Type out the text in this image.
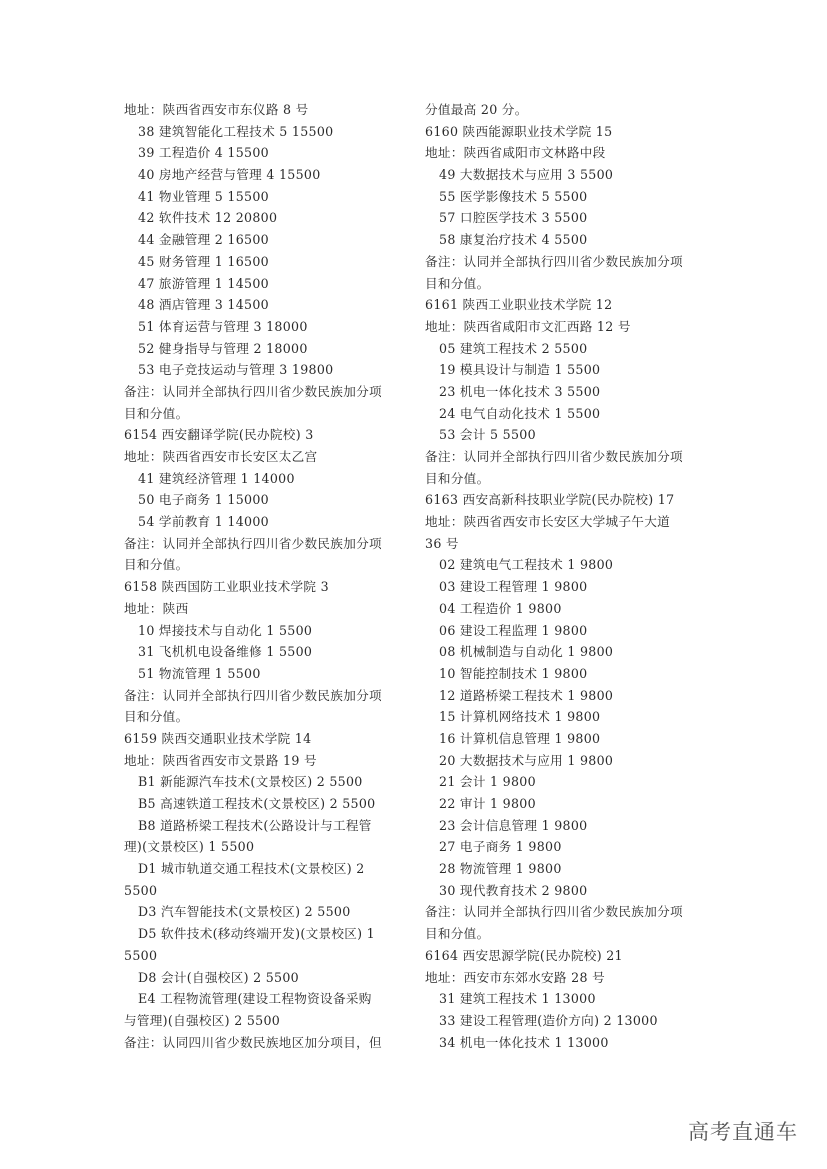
地址：陕西省西安市东仪路 8 号
38 建筑智能化工程技术 5 15500
39 工程造价 4 15500
40 房地产经营与管理 4 15500
41 物业管理 5 15500
42 软件技术 12 20800
44 金融管理 2 16500
45 财务管理 1 16500
47 旅游管理 1 14500
48 酒店管理 3 14500
51 体育运营与管理 3 18000
52 健身指导与管理 2 18000
53 电子竞技运动与管理 3 19800
备注：认同并全部执行四川省少数民族加分项
目和分值。
6154 西安翻译学院(民办院校) 3
地址：陕西省西安市长安区太乙宫
41 建筑经济管理 1 14000
50 电子商务 1 15000
54 学前教育 1 14000
备注：认同并全部执行四川省少数民族加分项
目和分值。
6158 陕西国防工业职业技术学院 3
地址：陕西
10 焊接技术与自动化 1 5500
31 飞机机电设备维修 1 5500
51 物流管理 1 5500
备注：认同并全部执行四川省少数民族加分项
目和分值。
6159 陕西交通职业技术学院 14
地址：陕西省西安市文景路 19 号
B1 新能源汽车技术(文景校区) 2 5500
B5 高速铁道工程技术(文景校区) 2 5500
B8 道路桥梁工程技术(公路设计与工程管
理)(文景校区) 1 5500
D1 城市轨道交通工程技术(文景校区) 2
5500
D3 汽车智能技术(文景校区) 2 5500
D5 软件技术(移动终端开发)(文景校区) 1
5500
D8 会计(自强校区) 2 5500
E4 工程物流管理(建设工程物资设备采购
与管理)(自强校区) 2 5500
备注：认同四川省少数民族地区加分项目，但
分值最高 20 分。
6160 陕西能源职业技术学院 15
地址：陕西省咸阳市文林路中段
49 大数据技术与应用 3 5500
55 医学影像技术 5 5500
57 口腔医学技术 3 5500
58 康复治疗技术 4 5500
备注：认同并全部执行四川省少数民族加分项
目和分值。
6161 陕西工业职业技术学院 12
地址：陕西省咸阳市文汇西路 12 号
05 建筑工程技术 2 5500
19 模具设计与制造 1 5500
23 机电一体化技术 3 5500
24 电气自动化技术 1 5500
53 会计 5 5500
备注：认同并全部执行四川省少数民族加分项
目和分值。
6163 西安高新科技职业学院(民办院校) 17
地址：陕西省西安市长安区大学城子午大道
36 号
02 建筑电气工程技术 1 9800
03 建设工程管理 1 9800
04 工程造价 1 9800
06 建设工程监理 1 9800
08 机械制造与自动化 1 9800
10 智能控制技术 1 9800
12 道路桥梁工程技术 1 9800
15 计算机网络技术 1 9800
16 计算机信息管理 1 9800
20 大数据技术与应用 1 9800
21 会计 1 9800
22 审计 1 9800
23 会计信息管理 1 9800
27 电子商务 1 9800
28 物流管理 1 9800
30 现代教育技术 2 9800
备注：认同并全部执行四川省少数民族加分项
目和分值。
6164 西安思源学院(民办院校) 21
地址：西安市东郊水安路 28 号
31 建筑工程技术 1 13000
33 建设工程管理(造价方向) 2 13000
34 机电一体化技术 1 13000
高考直通车
